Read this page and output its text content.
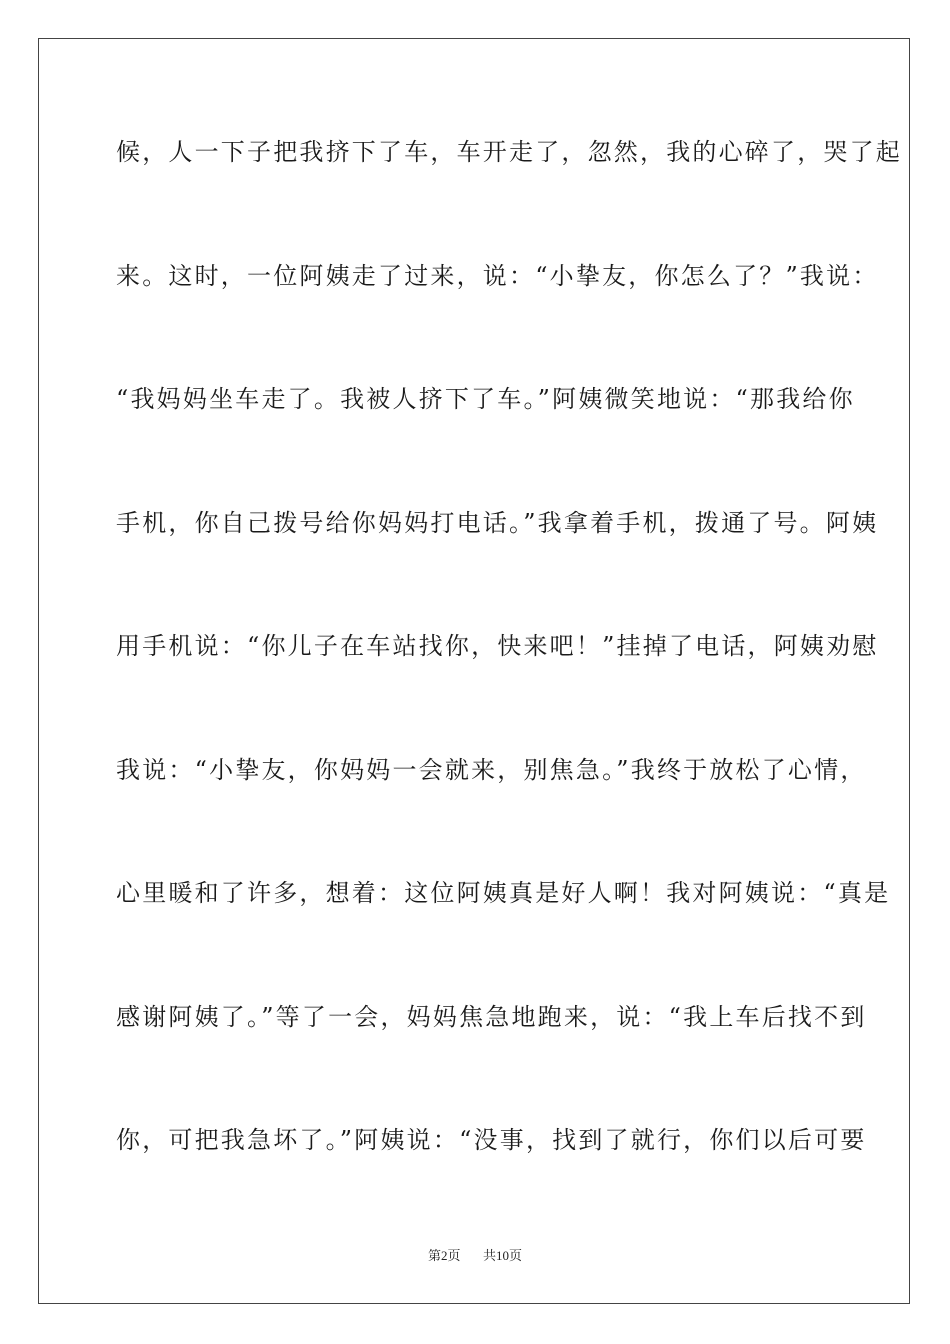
候，人一下子把我挤下了车，车开走了，忽然，我的心碎了，哭了起
来。这时，一位阿姨走了过来，说：“小挚友，你怎么了？”我说：
“我妈妈坐车走了。我被人挤下了车。”阿姨微笑地说：“那我给你
手机，你自己拨号给你妈妈打电话。”我拿着手机，拨通了号。阿姨
用手机说：“你儿子在车站找你，快来吧！”挂掉了电话，阿姨劝慰
我说：“小挚友，你妈妈一会就来，别焦急。”我终于放松了心情，
心里暖和了许多，想着：这位阿姨真是好人啊！我对阿姨说：“真是
感谢阿姨了。”等了一会，妈妈焦急地跑来，说：“我上车后找不到
你，可把我急坏了。”阿姨说：“没事，找到了就行，你们以后可要
第2页 共10页
